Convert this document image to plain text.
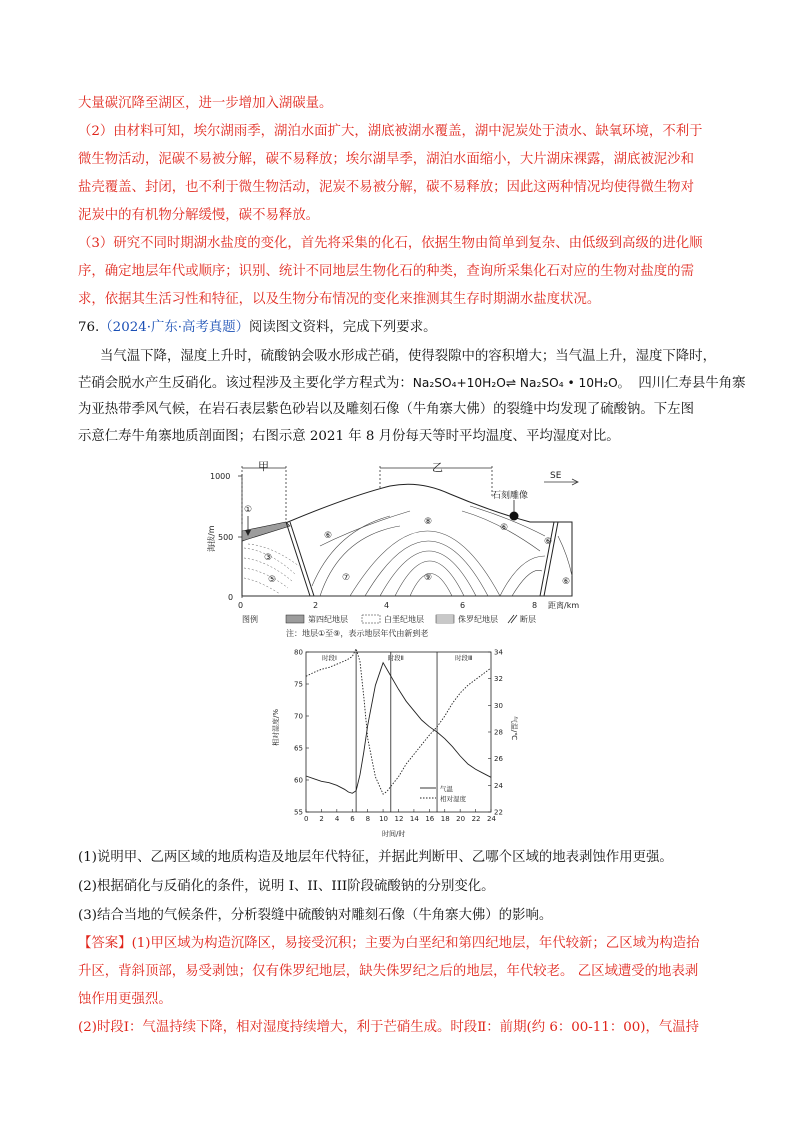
大量碳沉降至湖区，进一步增加入湖碳量。
（2）由材料可知，埃尔湖雨季，湖泊水面扩大，湖底被湖水覆盖，湖中泥炭处于渍水、缺氧环境，不利于
微生物活动，泥碳不易被分解，碳不易释放；埃尔湖旱季，湖泊水面缩小，大片湖床裸露，湖底被泥沙和
盐壳覆盖、封闭，也不利于微生物活动，泥炭不易被分解，碳不易释放；因此这两种情况均使得微生物对
泥炭中的有机物分解缓慢，碳不易释放。
（3）研究不同时期湖水盐度的变化，首先将采集的化石，依据生物由简单到复杂、由低级到高级的进化顺
序，确定地层年代或顺序；识别、统计不同地层生物化石的种类，查询所采集化石对应的生物对盐度的需
求，依据其生活习性和特征，以及生物分布情况的变化来推测其生存时期湖水盐度状况。
76.（2024·广东·高考真题）阅读图文资料，完成下列要求。
当气温下降，湿度上升时，硫酸钠会吸水形成芒硝，使得裂隙中的容积增大；当气温上升，湿度下降时，
芒硝会脱水产生反硝化。该过程涉及主要化学方程式为：Na₂SO₄+10H₂O⇌ Na₂SO₄ • 10H₂O。 四川仁寿县牛角寨
为亚热带季风气候，在岩石表层紫色砂岩以及雕刻石像（牛角寨大佛）的裂缝中均发现了硫酸钠。下左图
示意仁寿牛角寨地质剖面图；右图示意 2021 年 8 月份每天等时平均温度、平均湿度对比。
甲	乙
SE
1000
500
0
海拔/m
①
③
⑤	⑦
⑥
⑧
⑨
⑥
⑥
⑥
石刻雕像
0	2	4	6	8 距离/km
图例	第四纪地层	白垩纪地层	侏罗纪地层	断层
注：地层①至⑨，表示地层年代由新到老
相对湿度/%	气温/℃
时间/时
55
60
65
70
75
80
22
24
26
28
30
32
34
0 2 4 6 8 10 12 14 16 18 20 22 24
时段Ⅰ	时段Ⅱ	时段Ⅲ
气温
相对湿度
(1)说明甲、乙两区域的地质构造及地层年代特征，并据此判断甲、乙哪个区域的地表剥蚀作用更强。
(2)根据硝化与反硝化的条件，说明 I、II、III阶段硫酸钠的分别变化。
(3)结合当地的气候条件，分析裂缝中硫酸钠对雕刻石像（牛角寨大佛）的影响。
【答案】(1)甲区域为构造沉降区，易接受沉积；主要为白垩纪和第四纪地层，年代较新；乙区域为构造抬
升区，背斜顶部，易受剥蚀；仅有侏罗纪地层，缺失侏罗纪之后的地层，年代较老。 乙区域遭受的地表剥
蚀作用更强烈。
(2)时段Ⅰ：气温持续下降，相对湿度持续增大，利于芒硝生成。时段Ⅱ：前期(约 6：00-11：00)，气温持
